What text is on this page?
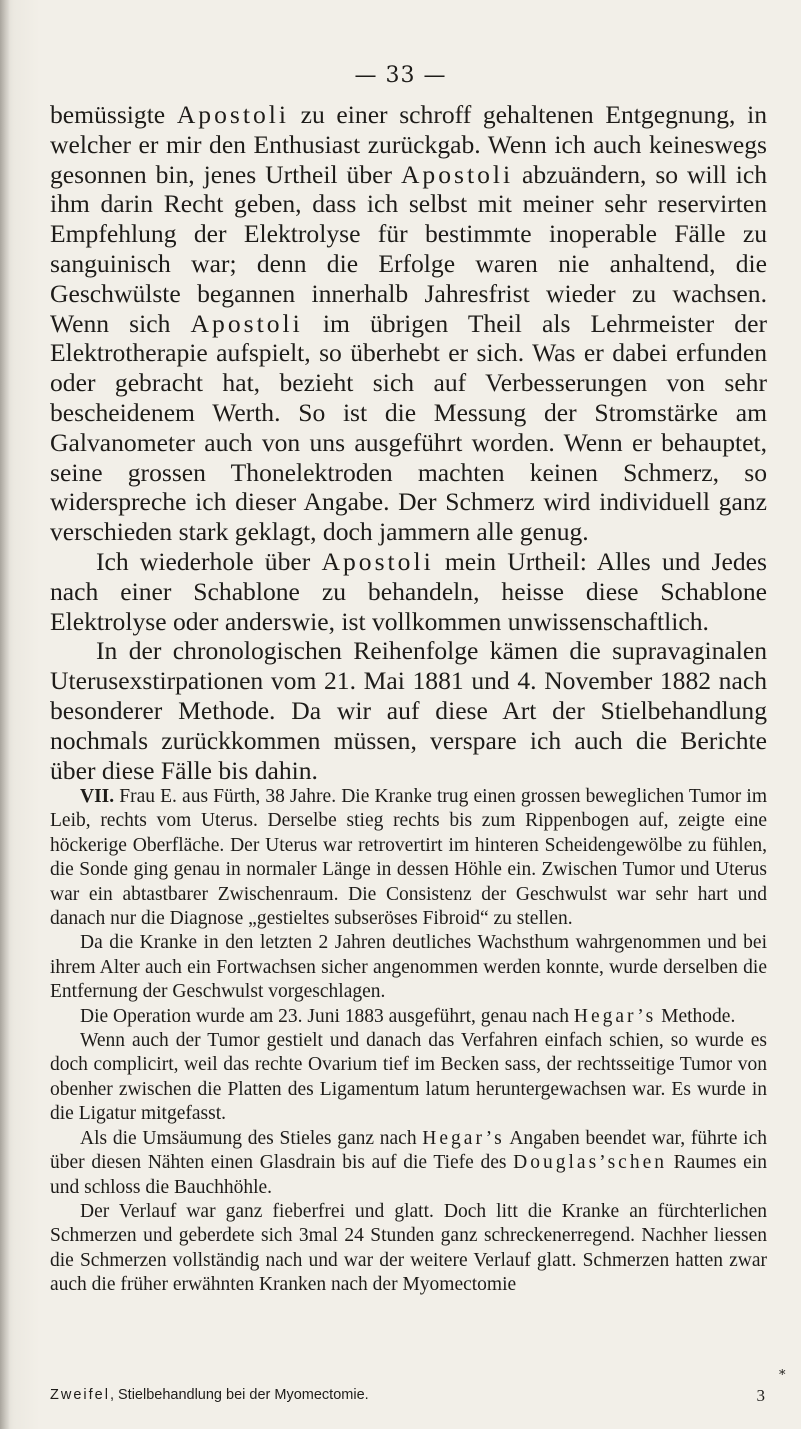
— 33 —

bemüssigte Apostoli zu einer schroff gehaltenen Entgegnung, in welcher er mir den Enthusiast zurückgab. Wenn ich auch keineswegs gesonnen bin, jenes Urtheil über Apostoli abzuändern, so will ich ihm darin Recht geben, dass ich selbst mit meiner sehr reservirten Empfehlung der Elektrolyse für bestimmte inoperable Fälle zu sanguinisch war; denn die Erfolge waren nie anhaltend, die Geschwülste begannen innerhalb Jahresfrist wieder zu wachsen. Wenn sich Apostoli im übrigen Theil als Lehrmeister der Elektrotherapie aufspielt, so überhebt er sich. Was er dabei erfunden oder gebracht hat, bezieht sich auf Verbesserungen von sehr bescheidenem Werth. So ist die Messung der Stromstärke am Galvanometer auch von uns ausgeführt worden. Wenn er behauptet, seine grossen Thonelektroden machten keinen Schmerz, so widerspreche ich dieser Angabe. Der Schmerz wird individuell ganz verschieden stark geklagt, doch jammern alle genug.

Ich wiederhole über Apostoli mein Urtheil: Alles und Jedes nach einer Schablone zu behandeln, heisse diese Schablone Elektrolyse oder anderswie, ist vollkommen unwissenschaftlich.

In der chronologischen Reihenfolge kämen die supravaginalen Uterusexstirpationen vom 21. Mai 1881 und 4. November 1882 nach besonderer Methode. Da wir auf diese Art der Stielbehandlung nochmals zurückkommen müssen, verspare ich auch die Berichte über diese Fälle bis dahin.

VII. Frau E. aus Fürth, 38 Jahre. Die Kranke trug einen grossen beweglichen Tumor im Leib, rechts vom Uterus. Derselbe stieg rechts bis zum Rippenbogen auf, zeigte eine höckerige Oberfläche. Der Uterus war retrovertirt im hinteren Scheidengewölbe zu fühlen, die Sonde ging genau in normaler Länge in dessen Höhle ein. Zwischen Tumor und Uterus war ein abtastbarer Zwischenraum. Die Consistenz der Geschwulst war sehr hart und danach nur die Diagnose „gestieltes subseröses Fibroid“ zu stellen.

Da die Kranke in den letzten 2 Jahren deutliches Wachsthum wahrgenommen und bei ihrem Alter auch ein Fortwachsen sicher angenommen werden konnte, wurde derselben die Entfernung der Geschwulst vorgeschlagen.

Die Operation wurde am 23. Juni 1883 ausgeführt, genau nach Hegar’s Methode.

Wenn auch der Tumor gestielt und danach das Verfahren einfach schien, so wurde es doch complicirt, weil das rechte Ovarium tief im Becken sass, der rechtsseitige Tumor von obenher zwischen die Platten des Ligamentum latum heruntergewachsen war. Es wurde in die Ligatur mitgefasst.

Als die Umsäumung des Stieles ganz nach Hegar’s Angaben beendet war, führte ich über diesen Nähten einen Glasdrain bis auf die Tiefe des Douglas’schen Raumes ein und schloss die Bauchhöhle.

Der Verlauf war ganz fieberfrei und glatt. Doch litt die Kranke an fürchterlichen Schmerzen und geberdete sich 3mal 24 Stunden ganz schreckenerregend. Nachher liessen die Schmerzen vollständig nach und war der weitere Verlauf glatt. Schmerzen hatten zwar auch die früher erwähnten Kranken nach der Myomectomie

*
Zweifel, Stielbehandlung bei der Myomectomie.	3
